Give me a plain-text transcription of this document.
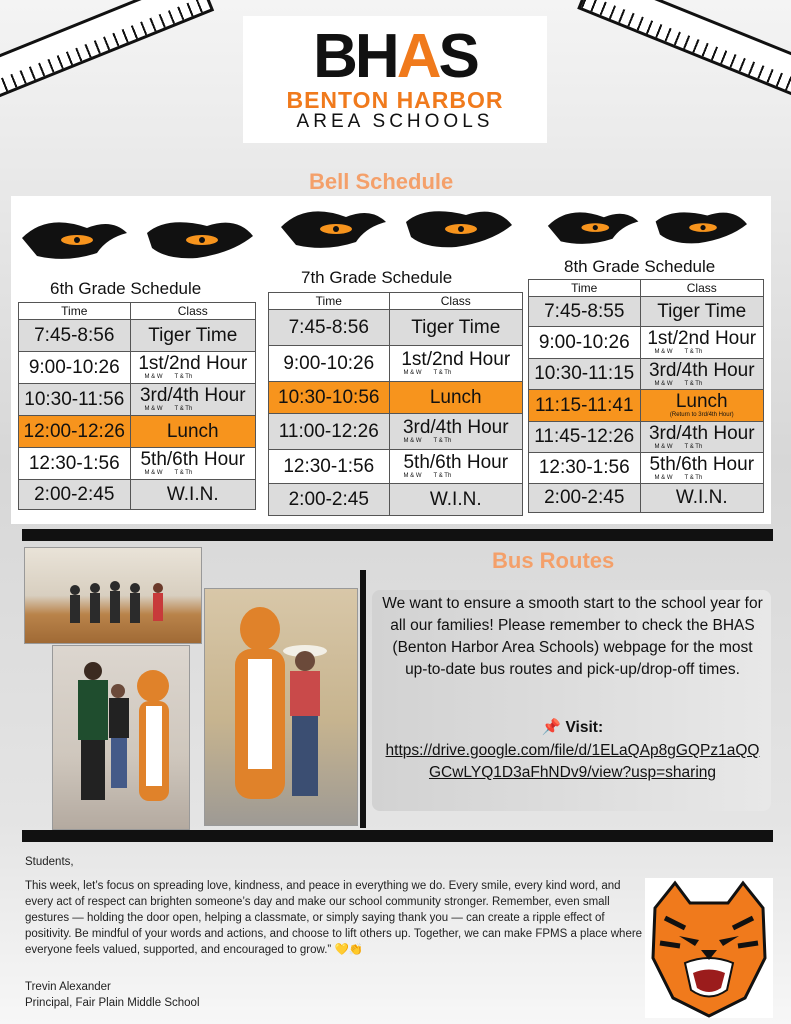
BHAS
BENTON HARBOR
AREA SCHOOLS
Bell Schedule
6th Grade Schedule
Time	Class
7:45-8:56	Tiger Time
9:00-10:26	1st/2nd Hour
M & W T & Th

10:30-11:56	3rd/4th Hour
M & W T & Th

12:00-12:26	Lunch
12:30-1:56	5th/6th Hour
M & W T & Th

2:00-2:45	W.I.N.
7th Grade Schedule
Time	Class
7:45-8:56	Tiger Time
9:00-10:26	1st/2nd Hour
M & W T & Th

10:30-10:56	Lunch
11:00-12:26	3rd/4th Hour
M & W T & Th

12:30-1:56	5th/6th Hour
M & W T & Th

2:00-2:45	W.I.N.
8th Grade Schedule
Time	Class
7:45-8:55	Tiger Time
9:00-10:26	1st/2nd Hour
M & W T & Th

10:30-11:15	3rd/4th Hour
M & W T & Th

11:15-11:41	Lunch
(Return to 3rd/4th Hour)

11:45-12:26	3rd/4th Hour
M & W T & Th

12:30-1:56	5th/6th Hour
M & W T & Th

2:00-2:45	W.I.N.
Bus Routes
We want to ensure a smooth start to the school year for all our families! Please remember to check the BHAS (Benton Harbor Area Schools) webpage for the most up-to-date bus routes and pick-up/drop-off times.
📌 Visit:
https://drive.google.com/file/d/1ELaQAp8gGQPz1aQQGCwLYQ1D3aFhNDv9/view?usp=sharing
Students,
This week, let’s focus on spreading love, kindness, and peace in everything we do. Every smile, every kind word, and every act of respect can brighten someone’s day and make our school community stronger. Remember, even small gestures — holding the door open, helping a classmate, or simply saying thank you — can create a ripple effect of positivity. Be mindful of your words and actions, and choose to lift others up. Together, we can make FPMS a place where everyone feels valued, supported, and encouraged to grow.” 💛👏
Trevin Alexander
Principal, Fair Plain Middle School
